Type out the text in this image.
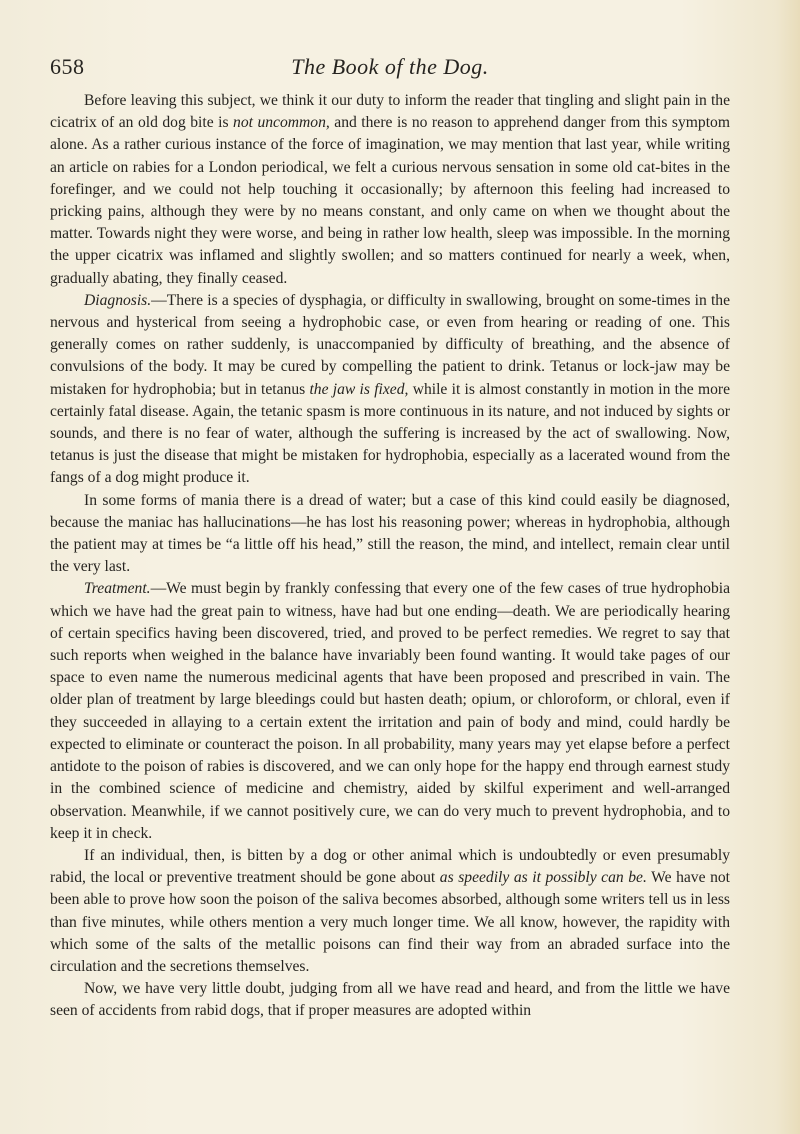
658	The Book of the Dog.

Before leaving this subject, we think it our duty to inform the reader that tingling and slight pain in the cicatrix of an old dog bite is not uncommon, and there is no reason to apprehend danger from this symptom alone. As a rather curious instance of the force of imagination, we may mention that last year, while writing an article on rabies for a London periodical, we felt a curious nervous sensation in some old cat-bites in the forefinger, and we could not help touching it occasionally; by afternoon this feeling had increased to pricking pains, although they were by no means constant, and only came on when we thought about the matter. Towards night they were worse, and being in rather low health, sleep was impossible. In the morning the upper cicatrix was inflamed and slightly swollen; and so matters continued for nearly a week, when, gradually abating, they finally ceased.

Diagnosis.—There is a species of dysphagia, or difficulty in swallowing, brought on some-times in the nervous and hysterical from seeing a hydrophobic case, or even from hearing or reading of one. This generally comes on rather suddenly, is unaccompanied by difficulty of breathing, and the absence of convulsions of the body. It may be cured by compelling the patient to drink. Tetanus or lock-jaw may be mistaken for hydrophobia; but in tetanus the jaw is fixed, while it is almost constantly in motion in the more certainly fatal disease. Again, the tetanic spasm is more continuous in its nature, and not induced by sights or sounds, and there is no fear of water, although the suffering is increased by the act of swallowing. Now, tetanus is just the disease that might be mistaken for hydrophobia, especially as a lacerated wound from the fangs of a dog might produce it.

In some forms of mania there is a dread of water; but a case of this kind could easily be diagnosed, because the maniac has hallucinations—he has lost his reasoning power; whereas in hydrophobia, although the patient may at times be “a little off his head,” still the reason, the mind, and intellect, remain clear until the very last.

Treatment.—We must begin by frankly confessing that every one of the few cases of true hydrophobia which we have had the great pain to witness, have had but one ending—death. We are periodically hearing of certain specifics having been discovered, tried, and proved to be perfect remedies. We regret to say that such reports when weighed in the balance have invariably been found wanting. It would take pages of our space to even name the numerous medicinal agents that have been proposed and prescribed in vain. The older plan of treatment by large bleedings could but hasten death; opium, or chloroform, or chloral, even if they succeeded in allaying to a certain extent the irritation and pain of body and mind, could hardly be expected to eliminate or counteract the poison. In all probability, many years may yet elapse before a perfect antidote to the poison of rabies is discovered, and we can only hope for the happy end through earnest study in the combined science of medicine and chemistry, aided by skilful experiment and well-arranged observation. Meanwhile, if we cannot positively cure, we can do very much to prevent hydrophobia, and to keep it in check.

If an individual, then, is bitten by a dog or other animal which is undoubtedly or even presumably rabid, the local or preventive treatment should be gone about as speedily as it possibly can be. We have not been able to prove how soon the poison of the saliva becomes absorbed, although some writers tell us in less than five minutes, while others mention a very much longer time. We all know, however, the rapidity with which some of the salts of the metallic poisons can find their way from an abraded surface into the circulation and the secretions themselves.

Now, we have very little doubt, judging from all we have read and heard, and from the little we have seen of accidents from rabid dogs, that if proper measures are adopted within
